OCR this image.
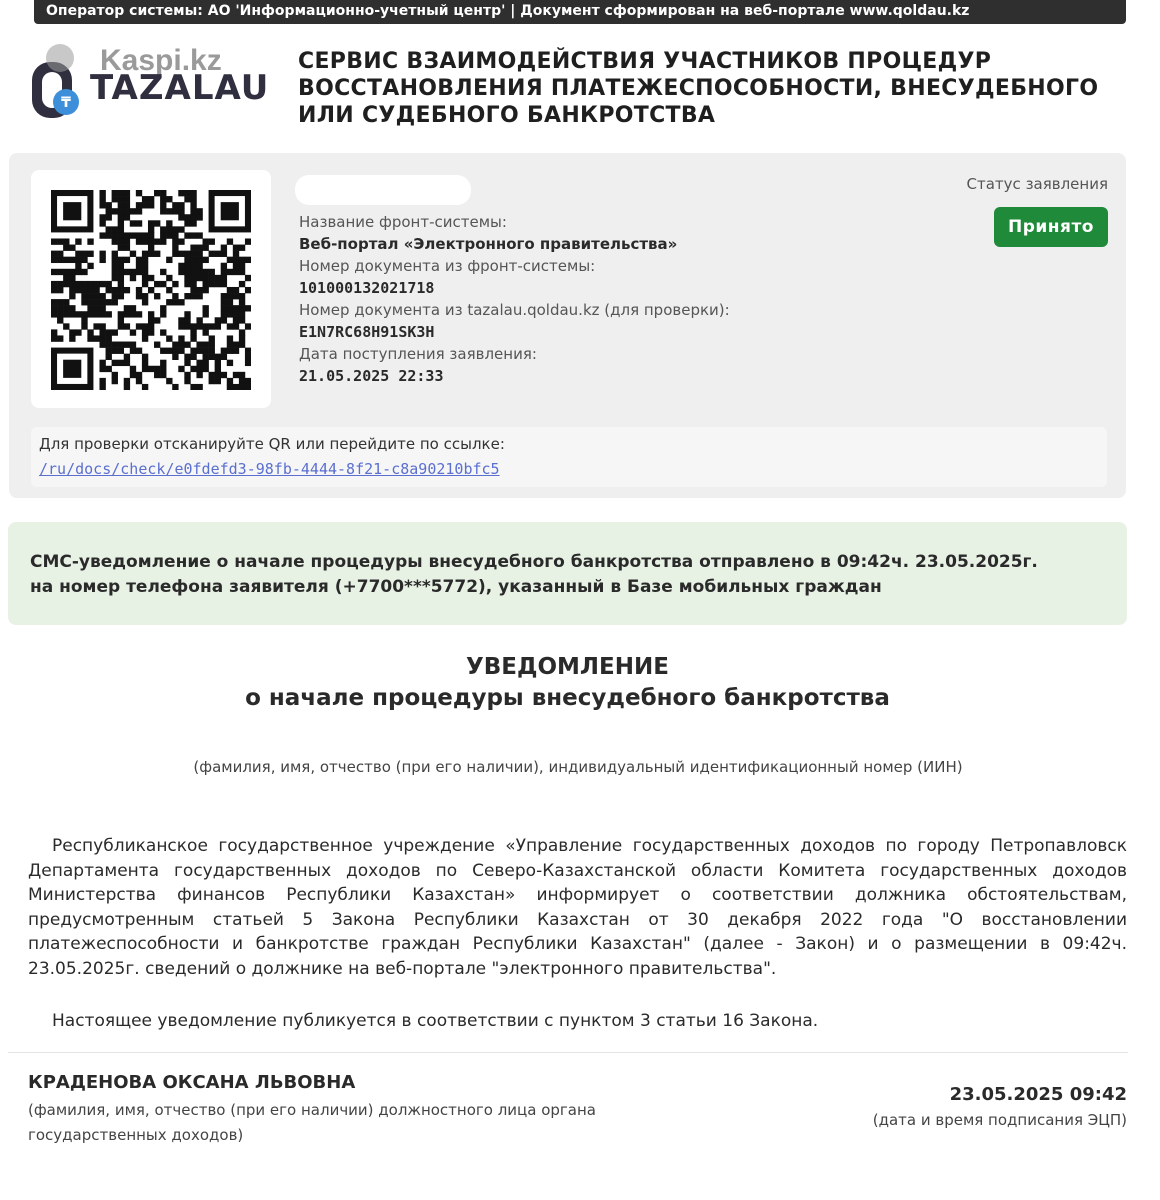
Оператор системы: АО 'Информационно-учетный центр' | Документ сформирован на веб-портале www.qoldau.kz
₸
Kaspi.kz
TAZALAU
СЕРВИС ВЗАИМОДЕЙСТВИЯ УЧАСТНИКОВ ПРОЦЕДУР
ВОССТАНОВЛЕНИЯ ПЛАТЕЖЕСПОСОБНОСТИ, ВНЕСУДЕБНОГО
ИЛИ СУДЕБНОГО БАНКРОТСТВА
Название фронт-системы:
Веб-портал «Электронного правительства»
Номер документа из фронт-системы:
101000132021718
Номер документа из tazalau.qoldau.kz (для проверки):
E1N7RC68H91SK3H
Дата поступления заявления:
21.05.2025 22:33
Статус заявления
Принято
Для проверки отсканируйте QR или перейдите по ссылке:
/ru/docs/check/e0fdefd3-98fb-4444-8f21-c8a90210bfc5
СМС-уведомление о начале процедуры внесудебного банкротства отправлено в 09:42ч. 23.05.2025г.
на номер телефона заявителя (+7700***5772), указанный в Базе мобильных граждан
УВЕДОМЛЕНИЕ
о начале процедуры внесудебного банкротства
(фамилия, имя, отчество (при его наличии), индивидуальный идентификационный номер (ИИН)
Республиканское государственное учреждение «Управление государственных доходов по городу Петропавловск Департамента государственных доходов по Северо-Казахстанской области Комитета государственных доходов Министерства финансов Республики Казахстан» информирует о соответствии должника обстоятельствам, предусмотренным статьей 5 Закона Республики Казахстан от 30 декабря 2022 года "О восстановлении платежеспособности и банкротстве граждан Республики Казахстан" (далее - Закон) и о размещении в 09:42ч. 23.05.2025г. сведений о должнике на веб-портале "электронного правительства".
Настоящее уведомление публикуется в соответствии с пунктом 3 статьи 16 Закона.
КРАДЕНОВА ОКСАНА ЛЬВОВНА
(фамилия, имя, отчество (при его наличии) должностного лица органа
государственных доходов)
23.05.2025 09:42
(дата и время подписания ЭЦП)
